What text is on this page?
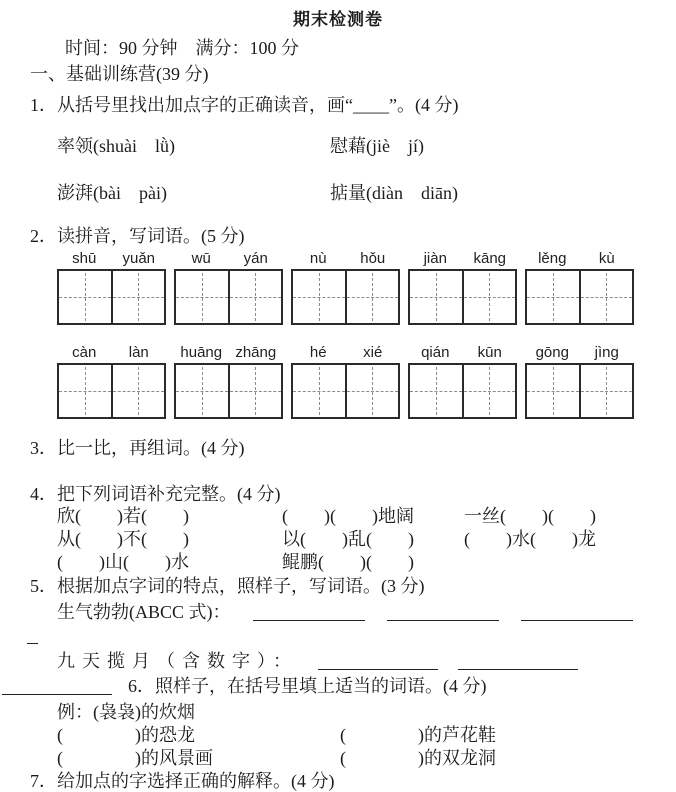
期末检测卷
时间：90 分钟　满分：100 分
一、基础训练营(39 分)
1．从括号里找出加点字的正确读音，画“____”。(4 分)
率领(shuài　lǜ)	慰藉(jiè　jí)
澎湃(bài　pài)	掂量(diàn　diān)
2．读拼音，写词语。(5 分)
shū	yuǎn	wū	yán	nù	hǒu	jiàn	kāng	lěng	kù
càn	làn	huāng zhāng	hé	xié	qián	kūn	gōng	jìng
3．比一比，再组词。(4 分)
4．把下列词语补充完整。(4 分)
欣(　　)若(　　)	(　　)(　　)地阔	一丝(　　)(　　)
从(　　)不(　　)	以(　　)乱(　　)	(　　)水(　　)龙
(　　)山(　　)水	鲲鹏(　　)(　　)
5．根据加点字词的特点，照样子，写词语。(3 分)
生气勃勃(ABCC 式)：
九天揽月（含数字）：
6．照样子，在括号里填上适当的词语。(4 分)
例：(袅袅)的炊烟
(　　　　)的恐龙	(　　　　)的芦花鞋
(　　　　)的风景画	(　　　　)的双龙洞
7．给加点的字选择正确的解释。(4 分)
